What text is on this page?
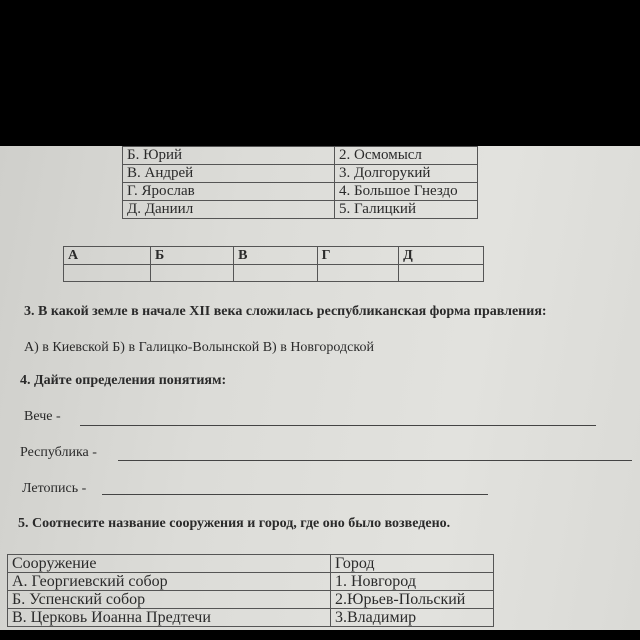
Б. Юрий	2. Осмомысл
В. Андрей	3. Долгорукий
Г. Ярослав	4. Большое Гнездо
Д. Даниил	5. Галицкий
А	Б	В	Г	Д

3. В какой земле в начале XII века сложилась республиканская форма правления:
А) в Киевской Б) в Галицко-Волынской В) в Новгородской
4. Дайте определения понятиям:
Вече -
Республика -
Летопись -
5. Соотнесите название сооружения и город, где оно было возведено.
Сооружение	Город
А. Георгиевский собор	1. Новгород
Б. Успенский собор	2.Юрьев-Польский
В. Церковь Иоанна Предтечи	3.Владимир
